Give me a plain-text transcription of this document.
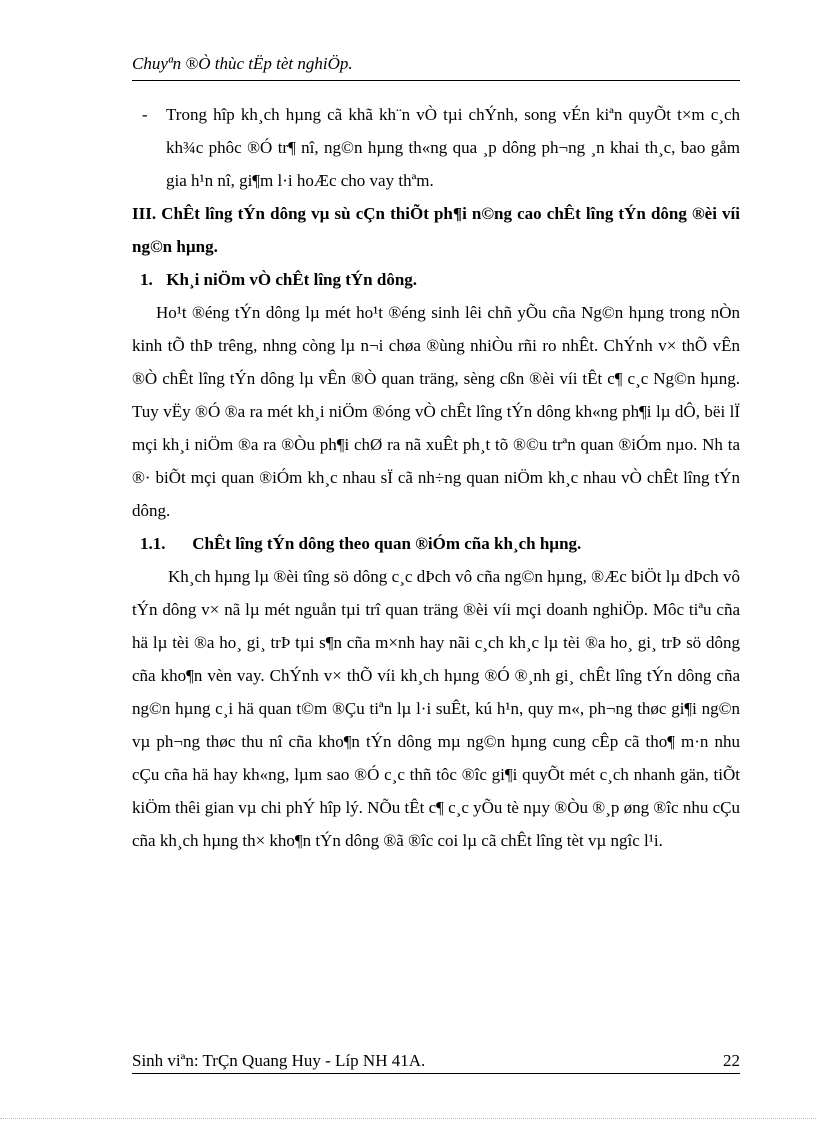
Chuyªn ®Ò thùc tËp tèt nghiÖp.
-	Trong hîp kh¸ch hµng cã khã kh¨n vÒ tµi chÝnh, song vÉn kiªn quyÕt t×m c¸ch kh¾c phôc ®Ó tr¶ nî, ng©n hµng th«ng qua ¸p dông ph¬ng ¸n khai th¸c, bao gåm gia h¹n nî, gi¶m l·i hoÆc cho vay thªm.

III. ChÊt lîng tÝn dông vµ sù cÇn thiÕt ph¶i n©ng cao chÊt lîng tÝn dông ®èi víi ng©n hµng.

1. Kh¸i niÖm vÒ chÊt lîng tÝn dông.

Ho¹t ®éng tÝn dông lµ mét ho¹t ®éng sinh lêi chñ yÕu cña Ng©n hµng trong nÒn kinh tÕ thÞ trêng, nhng còng lµ n¬i chøa ®ùng nhiÒu rñi ro nhÊt. ChÝnh v× thÕ vÊn ®Ò chÊt lîng tÝn dông lµ vÊn ®Ò quan träng, sèng cßn ®èi víi tÊt c¶ c¸c Ng©n hµng. Tuy vËy ®Ó ®a ra mét kh¸i niÖm ®óng vÒ chÊt lîng tÝn dông kh«ng ph¶i lµ dÔ, bëi lÏ mçi kh¸i niÖm ®a ra ®Òu ph¶i chØ ra nã xuÊt ph¸t tõ ®©u trªn quan ®iÓm nµo. Nh ta ®· biÕt mçi quan ®iÓm kh¸c nhau sÏ cã nh÷ng quan niÖm kh¸c nhau vÒ chÊt lîng tÝn dông.

1.1. ChÊt lîng tÝn dông theo quan ®iÓm cña kh¸ch hµng.

Kh¸ch hµng lµ ®èi tîng sö dông c¸c dÞch vô cña ng©n hµng, ®Æc biÖt lµ dÞch vô tÝn dông v× nã lµ mét nguån tµi trî quan träng ®èi víi mçi doanh nghiÖp. Môc tiªu cña hä lµ tèi ®a ho¸ gi¸ trÞ tµi s¶n cña m×nh hay nãi c¸ch kh¸c lµ tèi ®a ho¸ gi¸ trÞ sö dông cña kho¶n vèn vay. ChÝnh v× thÕ víi kh¸ch hµng ®Ó ®¸nh gi¸ chÊt lîng tÝn dông cña ng©n hµng c¸i hä quan t©m ®Çu tiªn lµ l·i suÊt, kú h¹n, quy m«, ph¬ng thøc gi¶i ng©n vµ ph¬ng thøc thu nî cña kho¶n tÝn dông mµ ng©n hµng cung cÊp cã tho¶ m·n nhu cÇu cña hä hay kh«ng, lµm sao ®Ó c¸c thñ tôc ®îc gi¶i quyÕt mét c¸ch nhanh gän, tiÕt kiÖm thêi gian vµ chi phÝ hîp lý. NÕu tÊt c¶ c¸c yÕu tè nµy ®Òu ®¸p øng ®îc nhu cÇu cña kh¸ch hµng th× kho¶n tÝn dông ®ã ®îc coi lµ cã chÊt lîng tèt vµ ngîc l¹i.

Sinh viªn: TrÇn Quang Huy - Líp NH 41A.	22
